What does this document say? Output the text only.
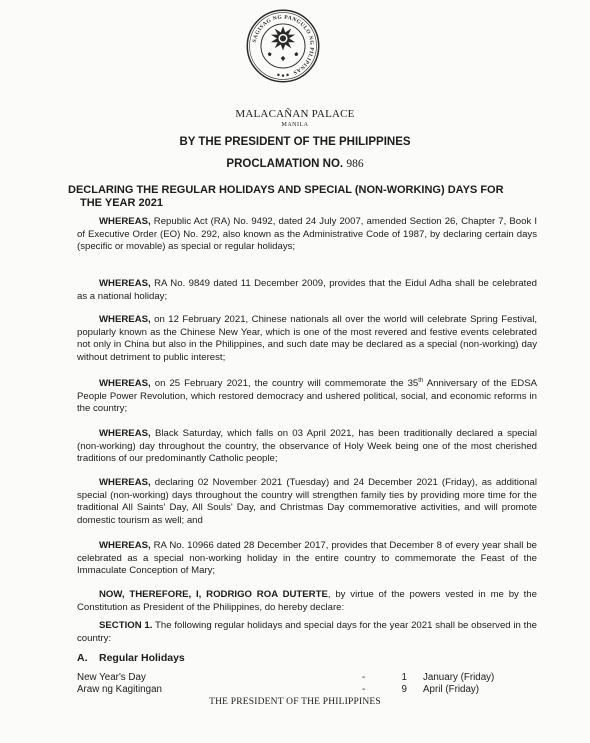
SAGISAG NG PANGULO NG PILIPINAS
MALACAÑAN PALACE
MANILA
BY THE PRESIDENT OF THE PHILIPPINES
PROCLAMATION NO. 986
DECLARING THE REGULAR HOLIDAYS AND SPECIAL (NON-WORKING) DAYS FOR
THE YEAR 2021

WHEREAS, Republic Act (RA) No. 9492, dated 24 July 2007, amended Section 26, Chapter 7, Book I of Executive Order (EO) No. 292, also known as the Administrative Code of 1987, by declaring certain days (specific or movable) as special or regular holidays;

WHEREAS, RA No. 9849 dated 11 December 2009, provides that the Eidul Adha shall be celebrated as a national holiday;

WHEREAS, on 12 February 2021, Chinese nationals all over the world will celebrate Spring Festival, popularly known as the Chinese New Year, which is one of the most revered and festive events celebrated not only in China but also in the Philippines, and such date may be declared as a special (non-working) day without detriment to public interest;

WHEREAS, on 25 February 2021, the country will commemorate the 35th Anniversary of the EDSA People Power Revolution, which restored democracy and ushered political, social, and economic reforms in the country;

WHEREAS, Black Saturday, which falls on 03 April 2021, has been traditionally declared a special (non-working) day throughout the country, the observance of Holy Week being one of the most cherished traditions of our predominantly Catholic people;

WHEREAS, declaring 02 November 2021 (Tuesday) and 24 December 2021 (Friday), as additional special (non-working) days throughout the country will strengthen family ties by providing more time for the traditional All Saints' Day, All Souls' Day, and Christmas Day commemorative activities, and will promote domestic tourism as well; and

WHEREAS, RA No. 10966 dated 28 December 2017, provides that December 8 of every year shall be celebrated as a special non-working holiday in the entire country to commemorate the Feast of the Immaculate Conception of Mary;

NOW, THEREFORE, I, RODRIGO ROA DUTERTE, by virtue of the powers vested in me by the Constitution as President of the Philippines, do hereby declare:

SECTION 1. The following regular holidays and special days for the year 2021 shall be observed in the country:

A. Regular Holidays
New Year's Day	-	1 January (Friday)
Araw ng Kagitingan	-	9 April (Friday)
THE PRESIDENT OF THE PHILIPPINES
